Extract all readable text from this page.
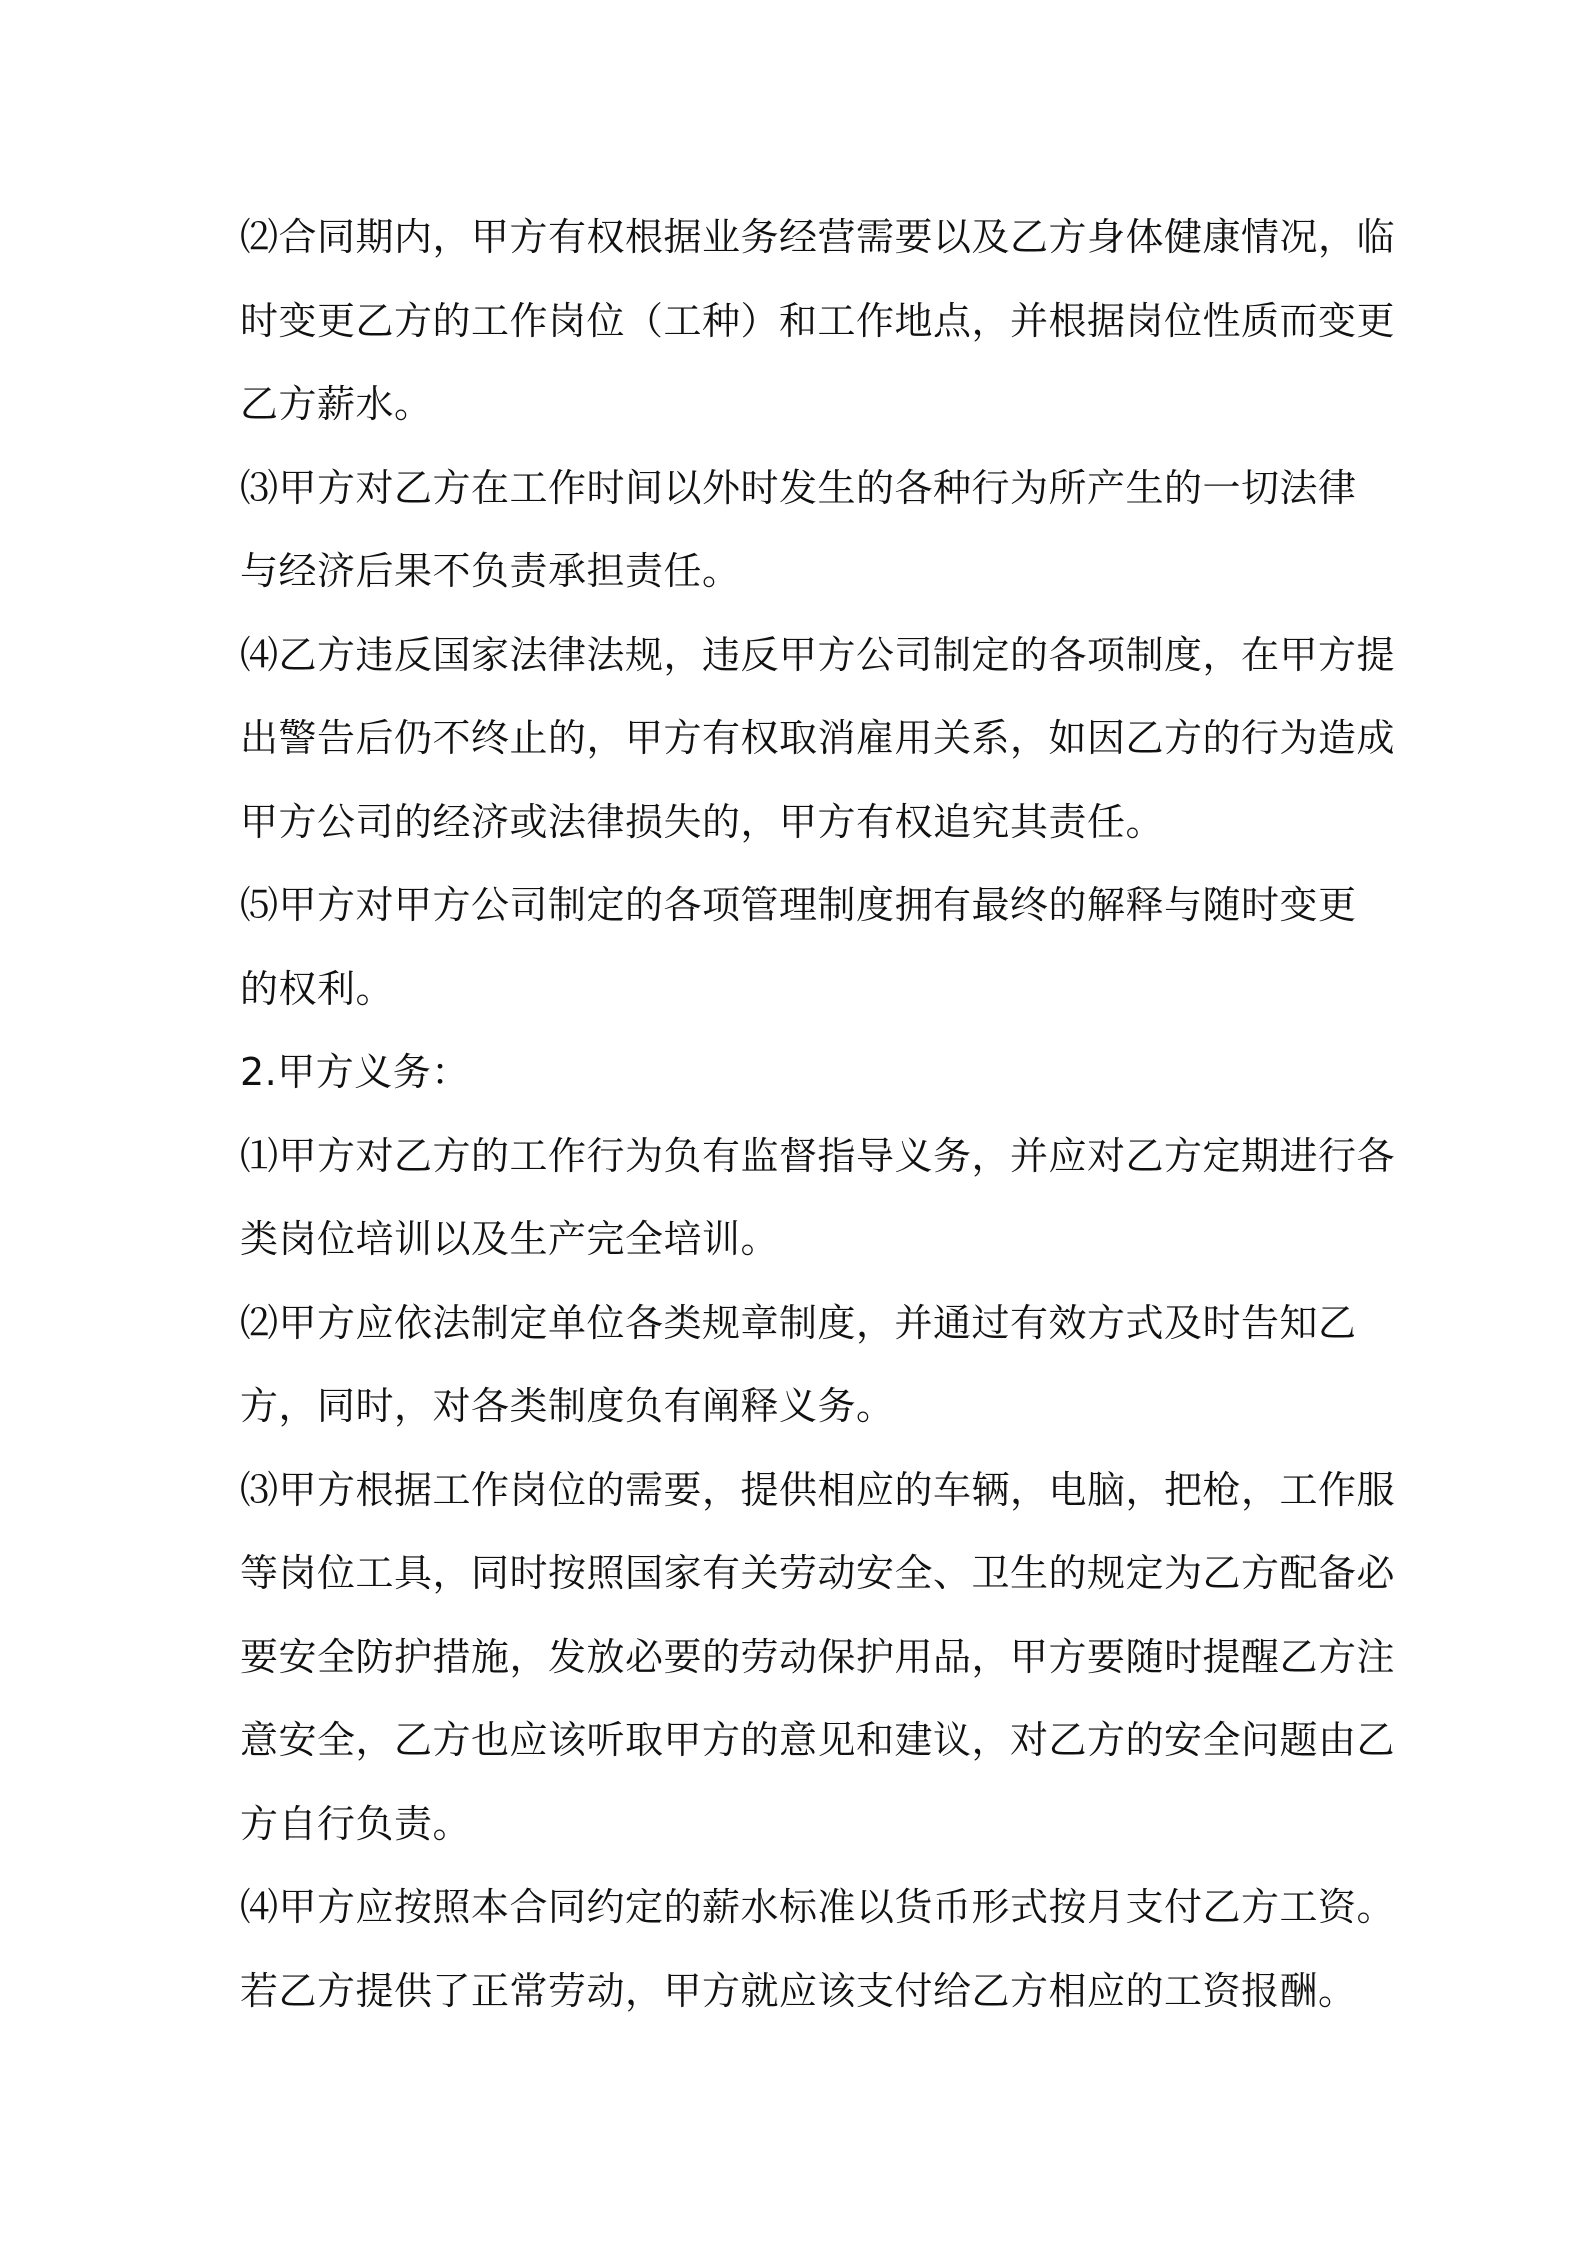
⑵合同期内，甲方有权根据业务经营需要以及乙方身体健康情况，临
时变更乙方的工作岗位（工种）和工作地点，并根据岗位性质而变更
乙方薪水。

⑶甲方对乙方在工作时间以外时发生的各种行为所产生的一切法律
与经济后果不负责承担责任。

⑷乙方违反国家法律法规，违反甲方公司制定的各项制度，在甲方提
出警告后仍不终止的，甲方有权取消雇用关系，如因乙方的行为造成
甲方公司的经济或法律损失的，甲方有权追究其责任。

⑸甲方对甲方公司制定的各项管理制度拥有最终的解释与随时变更
的权利。

2.甲方义务：

⑴甲方对乙方的工作行为负有监督指导义务，并应对乙方定期进行各
类岗位培训以及生产完全培训。

⑵甲方应依法制定单位各类规章制度，并通过有效方式及时告知乙
方，同时，对各类制度负有阐释义务。

⑶甲方根据工作岗位的需要，提供相应的车辆，电脑，把枪，工作服
等岗位工具，同时按照国家有关劳动安全、卫生的规定为乙方配备必
要安全防护措施，发放必要的劳动保护用品，甲方要随时提醒乙方注
意安全，乙方也应该听取甲方的意见和建议，对乙方的安全问题由乙
方自行负责。

⑷甲方应按照本合同约定的薪水标准以货币形式按月支付乙方工资。
若乙方提供了正常劳动，甲方就应该支付给乙方相应的工资报酬。
